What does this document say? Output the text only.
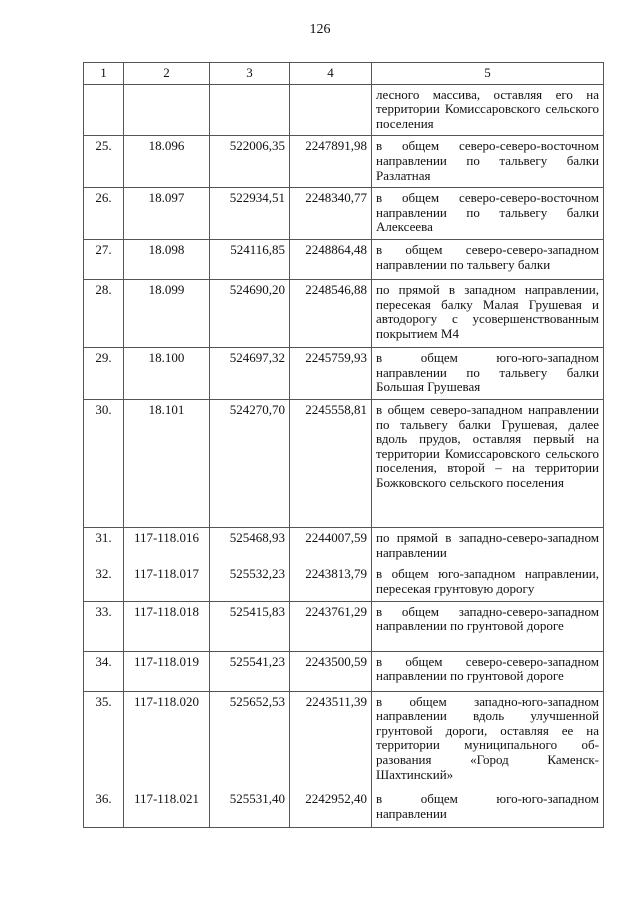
126
1	2	3	4	5
				лесного массива, оставляя его на территории Комиссаровского сельского поселения
25.	18.096	522006,35	2247891,98	в общем северо-северо-восточном направлении по тальвегу балки Разлатная
26.	18.097	522934,51	2248340,77	в общем северо-северо-восточном направлении по тальвегу балки Алексеева
27.	18.098	524116,85	2248864,48	в общем северо-северо-западном направлении по тальвегу балки
28.	18.099	524690,20	2248546,88	по прямой в западном направлении, пересекая балку Малая Грушевая и автодорогу с усовершенствованным покрытием М4
29.	18.100	524697,32	2245759,93	в общем юго-юго-западном направлении по тальвегу балки Большая Грушевая
30.	18.101	524270,70	2245558,81	в общем северо-западном направлении по тальвегу балки Грушевая, далее вдоль прудов, оставляя первый на территории Комиссаровского сельского поселения, второй – на территории Божковского сельского поселения
31.	117-118.016	525468,93	2244007,59	по прямой в западно-северо-западном направлении
32.	117-118.017	525532,23	2243813,79	в общем юго-западном направлении, пересекая грунтовую дорогу
33.	117-118.018	525415,83	2243761,29	в общем западно-северо-западном направлении по грунтовой дороге
34.	117-118.019	525541,23	2243500,59	в общем северо-северо-западном направлении по грунтовой дороге
35.	117-118.020	525652,53	2243511,39	в общем западно-юго-западном направлении вдоль улучшенной грунтовой дороги, оставляя ее на территории муниципального образования «Город Каменск-Шахтинский»
36.	117-118.021	525531,40	2242952,40	в общем юго-юго-западном направлении
